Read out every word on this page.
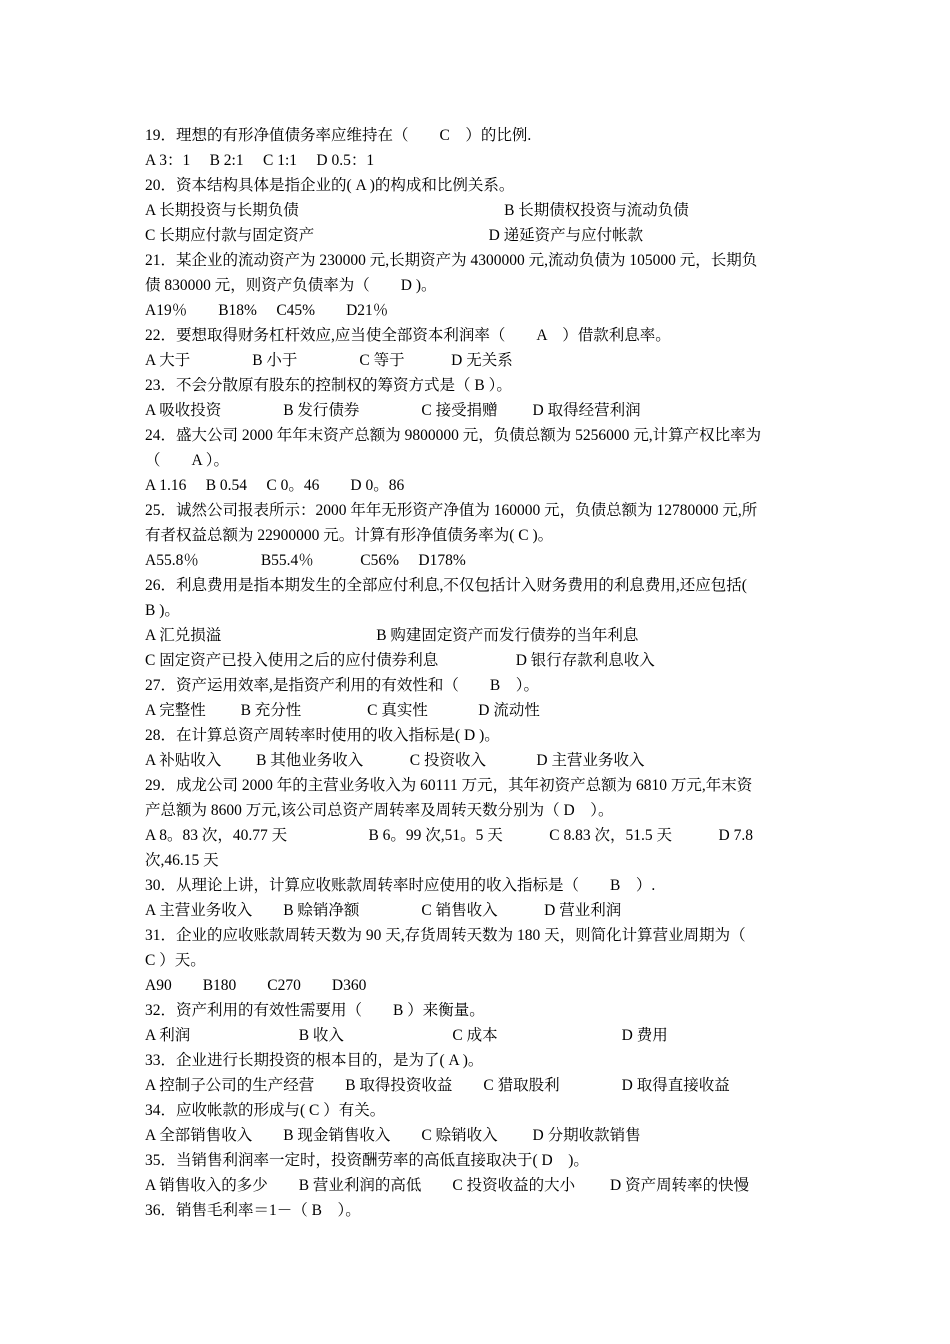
19．理想的有形净值债务率应维持在（　　C　）的比例.
A 3：1　 B 2:1　 C 1:1　 D 0.5：1
20．资本结构具体是指企业的( A )的构成和比例关系。
A 长期投资与长期负债　　　　　　　　　　　　　 B 长期债权投资与流动负债
C 长期应付款与固定资产　　　　　　　　　　　 D 递延资产与应付帐款
21．某企业的流动资产为 230000 元,长期资产为 4300000 元,流动负债为 105000 元，长期负
债 830000 元，则资产负债率为（　　D )。
A19％　　B18%　 C45%　　D21％
22．要想取得财务杠杆效应,应当使全部资本利润率（　　A　）借款利息率。
A 大于　　　　B 小于　　　　C 等于　　　D 无关系
23．不会分散原有股东的控制权的筹资方式是（ B ）。
A 吸收投资　　　　B 发行债券　　　　C 接受捐赠　　 D 取得经营利润
24．盛大公司 2000 年年末资产总额为 9800000 元，负债总额为 5256000 元,计算产权比率为
（　　A ）。
A 1.16　 B 0.54　 C 0。46　　D 0。86
25．诚然公司报表所示：2000 年年无形资产净值为 160000 元，负债总额为 12780000 元,所
有者权益总额为 22900000 元。计算有形净值债务率为( C )。
A55.8％　　　　B55.4％　　　C56%　 D178%
26．利息费用是指本期发生的全部应付利息,不仅包括计入财务费用的利息费用,还应包括(
B )。
A 汇兑损溢　　　　　　　　　　B 购建固定资产而发行债券的当年利息
C 固定资产已投入使用之后的应付债券利息　　　　　D 银行存款利息收入
27．资产运用效率,是指资产利用的有效性和（　　B　）。
A 完整性　　 B 充分性　　　　 C 真实性　　　 D 流动性
28．在计算总资产周转率时使用的收入指标是( D )。
A 补贴收入　　 B 其他业务收入　　　C 投资收入　　　 D 主营业务收入
29．成龙公司 2000 年的主营业务收入为 60111 万元，其年初资产总额为 6810 万元,年末资
产总额为 8600 万元,该公司总资产周转率及周转天数分别为（ D　）。
A 8。83 次，40.77 天　　　　　 B 6。99 次,51。5 天　　　C 8.83 次，51.5 天　　　D 7.8
次,46.15 天
30．从理论上讲，计算应收账款周转率时应使用的收入指标是（　　B　）.
A 主营业务收入　　B 赊销净额　　　　C 销售收入　　　D 营业利润
31．企业的应收账款周转天数为 90 天,存货周转天数为 180 天，则简化计算营业周期为（
C ）天。
A90　　B180　　C270　　D360
32．资产利用的有效性需要用（　　B ）来衡量。
A 利润　　　　　　　B 收入　　　　　　　C 成本　　　　　　　　D 费用
33．企业进行长期投资的根本目的，是为了( A )。
A 控制子公司的生产经营　　B 取得投资收益　　C 猎取股利　　　　D 取得直接收益
34．应收帐款的形成与( C ）有关。
A 全部销售收入　　B 现金销售收入　　C 赊销收入　　 D 分期收款销售
35．当销售利润率一定时，投资酬劳率的高低直接取决于( D　)。
A 销售收入的多少　　B 营业利润的高低　　C 投资收益的大小　　 D 资产周转率的快慢
36．销售毛利率＝1－（ B　）。
